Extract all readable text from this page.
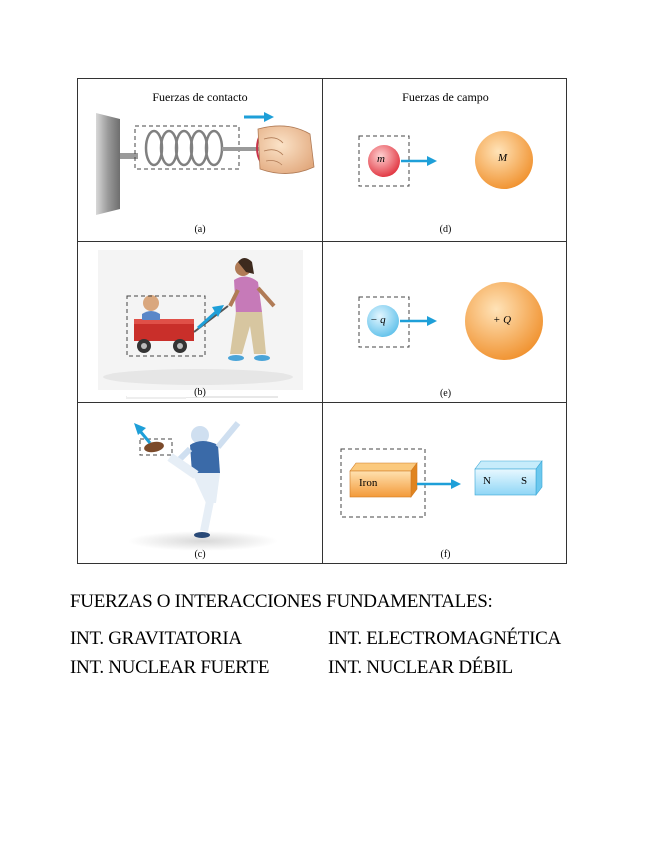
Fuerzas de contacto
(a)
Fuerzas de campo
m	M
(d)
(b)
− q	+ Q
(e)
(c)
Iron	N	S
(f)
FUERZAS O INTERACCIONES FUNDAMENTALES:
INT. GRAVITATORIA	INT. ELECTROMAGNÉTICA
INT. NUCLEAR FUERTE	INT. NUCLEAR DÉBIL
